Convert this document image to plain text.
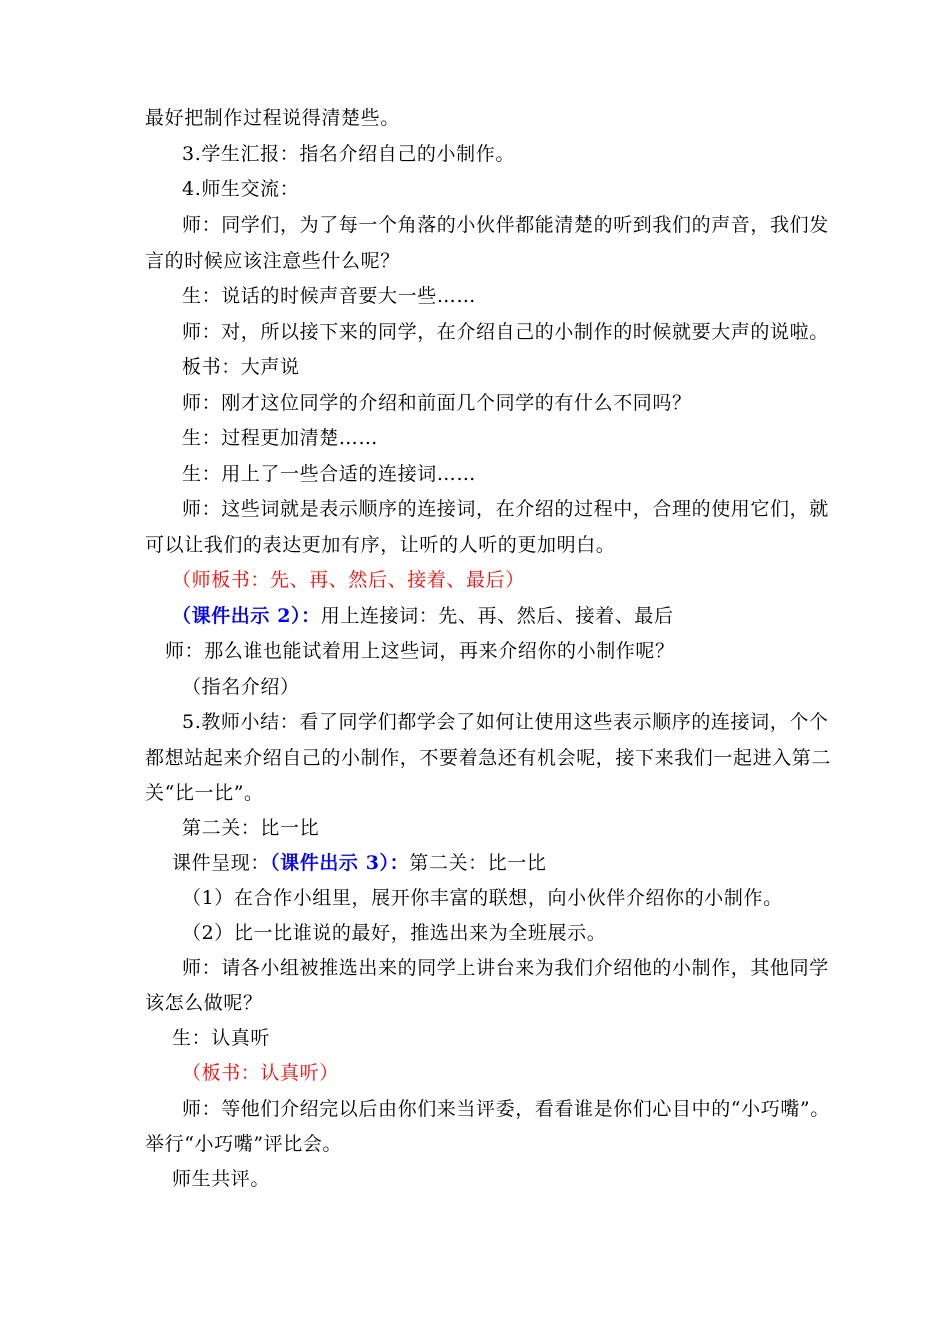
最好把制作过程说得清楚些。
3.学生汇报：指名介绍自己的小制作。
4.师生交流：
师：同学们，为了每一个角落的小伙伴都能清楚的听到我们的声音，我们发
言的时候应该注意些什么呢？
生：说话的时候声音要大一些……
师：对，所以接下来的同学，在介绍自己的小制作的时候就要大声的说啦。
板书：大声说
师：刚才这位同学的介绍和前面几个同学的有什么不同吗？
生：过程更加清楚……
生：用上了一些合适的连接词……
师：这些词就是表示顺序的连接词，在介绍的过程中，合理的使用它们，就
可以让我们的表达更加有序，让听的人听的更加明白。
（师板书：先、再、然后、接着、最后）
（课件出示 2）：用上连接词：先、再、然后、接着、最后
师：那么谁也能试着用上这些词，再来介绍你的小制作呢？
（指名介绍）
5.教师小结：看了同学们都学会了如何让使用这些表示顺序的连接词，个个
都想站起来介绍自己的小制作，不要着急还有机会呢，接下来我们一起进入第二
关“比一比”。
第二关：比一比
课件呈现：（课件出示 3）：第二关：比一比
（1）在合作小组里，展开你丰富的联想，向小伙伴介绍你的小制作。
（2）比一比谁说的最好，推选出来为全班展示。
师：请各小组被推选出来的同学上讲台来为我们介绍他的小制作，其他同学
该怎么做呢？
生：认真听
（板书：认真听）
师：等他们介绍完以后由你们来当评委，看看谁是你们心目中的“小巧嘴”。
举行“小巧嘴”评比会。
师生共评。
